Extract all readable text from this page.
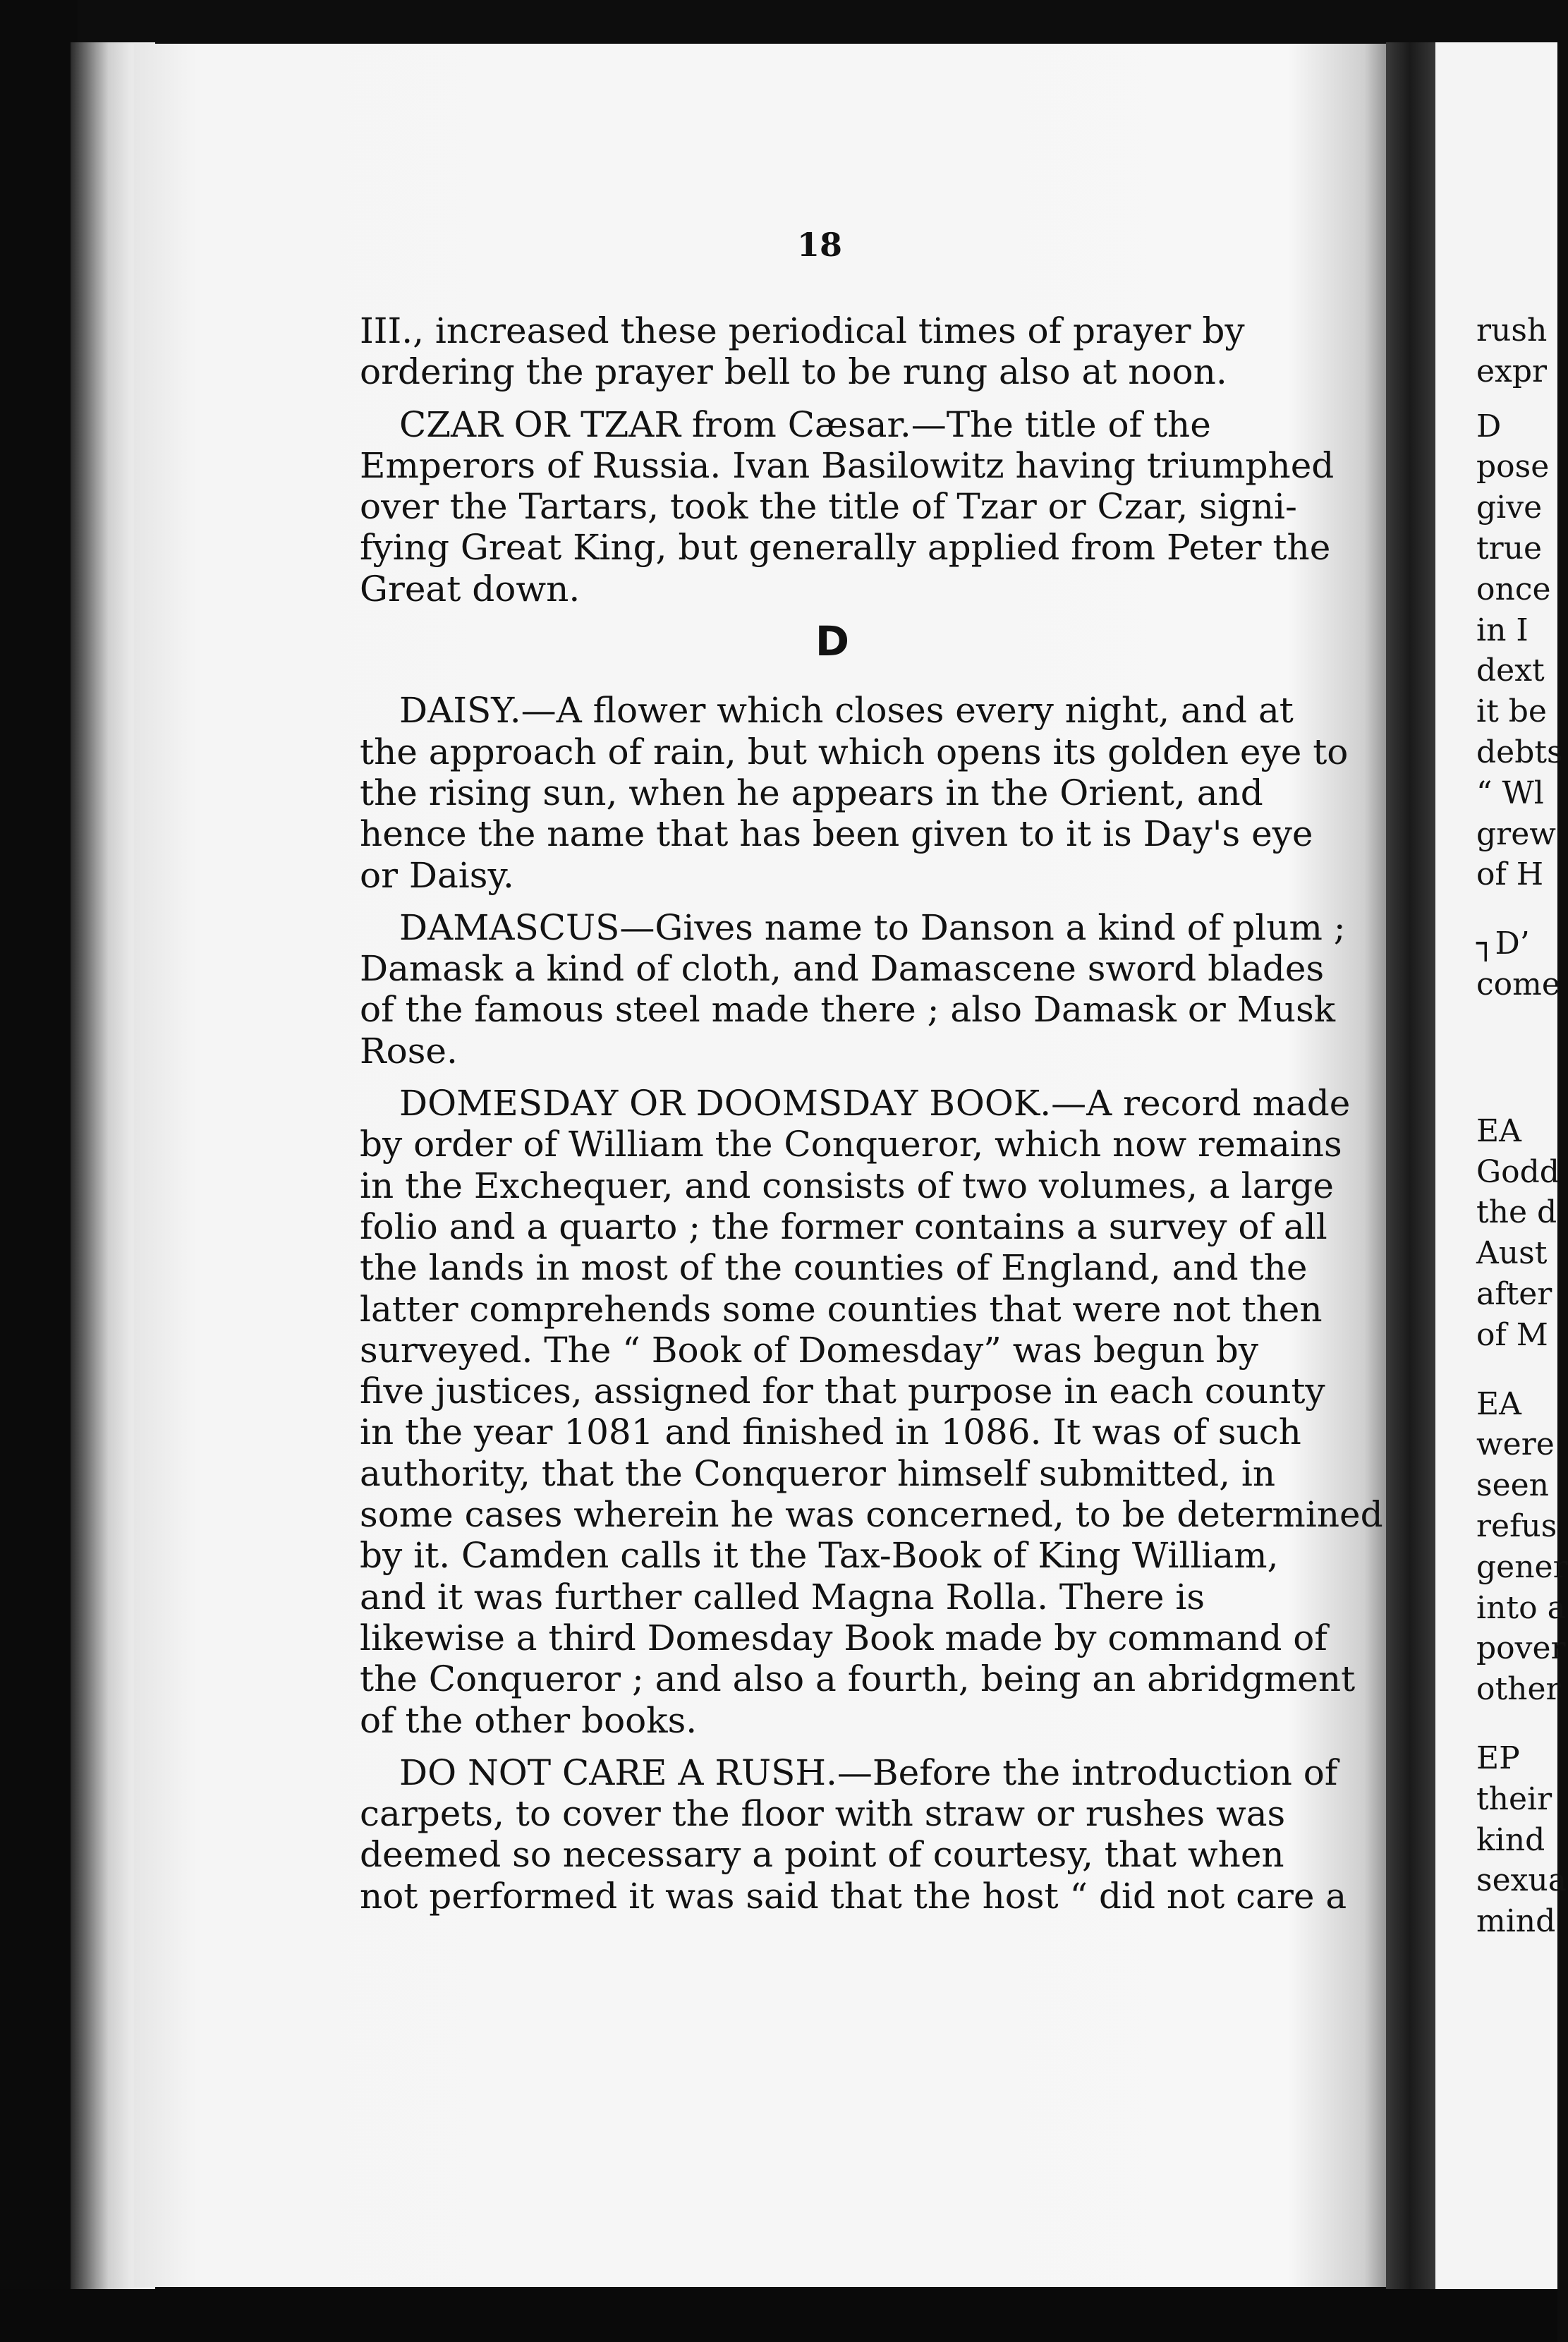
18

III., increased these periodical times of prayer by
ordering the prayer bell to be rung also at noon.

CZAR OR TZAR from Cæsar.—The title of the
Emperors of Russia. Ivan Basilowitz having triumphed
over the Tartars, took the title of Tzar or Czar, signi-
fying Great King, but generally applied from Peter the
Great down.

D

DAISY.—A flower which closes every night, and at
the approach of rain, but which opens its golden eye to
the rising sun, when he appears in the Orient, and
hence the name that has been given to it is Day's eye
or Daisy.

DAMASCUS—Gives name to Danson a kind of plum ;
Damask a kind of cloth, and Damascene sword blades
of the famous steel made there ; also Damask or Musk
Rose.

DOMESDAY OR DOOMSDAY BOOK.—A record made
by order of William the Conqueror, which now remains
in the Exchequer, and consists of two volumes, a large
folio and a quarto ; the former contains a survey of all
the lands in most of the counties of England, and the
latter comprehends some counties that were not then
surveyed. The “ Book of Domesday” was begun by
five justices, assigned for that purpose in each county
in the year 1081 and finished in 1086. It was of such
authority, that the Conqueror himself submitted, in
some cases wherein he was concerned, to be determined
by it. Camden calls it the Tax-Book of King William,
and it was further called Magna Rolla. There is
likewise a third Domesday Book made by command of
the Conqueror ; and also a fourth, being an abridgment
of the other books.

DO NOT CARE A RUSH.—Before the introduction of
carpets, to cover the floor with straw or rushes was
deemed so necessary a point of courtesy, that when
not performed it was said that the host “ did not care a

rush
expr
D
pose
give
true
once
in I
dext
it be
debts
“ Wl
grew
of H
┐D’
come
EA
Godd
the d
Aust
after
of M
EA
were
seen
refus
gener
into a
pover
other
EP
their
kind
sexua
mind
